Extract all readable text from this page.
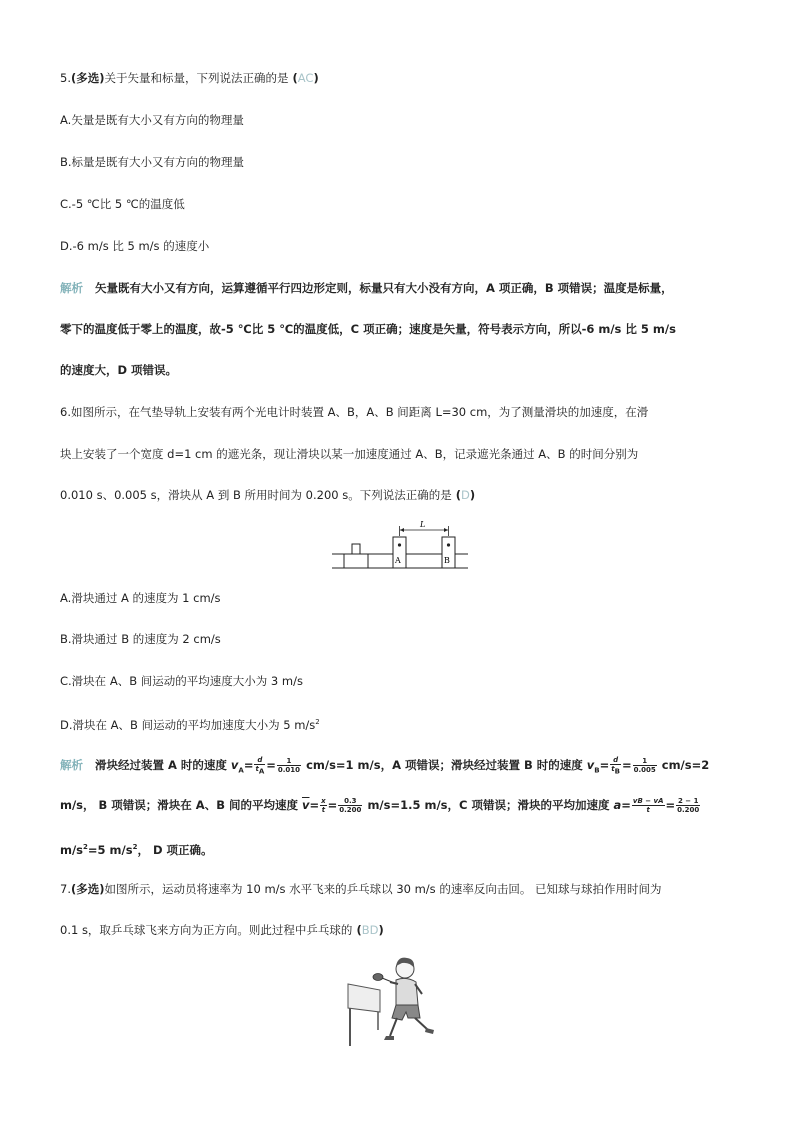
5.(多选)关于矢量和标量，下列说法正确的是 (AC)
A.矢量是既有大小又有方向的物理量
B.标量是既有大小又有方向的物理量
C.-5 ℃比 5 ℃的温度低
D.-6 m/s 比 5 m/s 的速度小
解析 矢量既有大小又有方向，运算遵循平行四边形定则，标量只有大小没有方向，A 项正确，B 项错误；温度是标量，
零下的温度低于零上的温度，故-5 ℃比 5 ℃的温度低，C 项正确；速度是矢量，符号表示方向，所以-6 m/s 比 5 m/s
的速度大，D 项错误。
6.如图所示，在气垫导轨上安装有两个光电计时装置 A、B，A、B 间距离 L=30 cm，为了测量滑块的加速度，在滑
块上安装了一个宽度 d=1 cm 的遮光条，现让滑块以某一加速度通过 A、B，记录遮光条通过 A、B 的时间分别为
0.010 s、0.005 s，滑块从 A 到 B 所用时间为 0.200 s。下列说法正确的是 (D)
A	B
L
A.滑块通过 A 的速度为 1 cm/s
B.滑块通过 B 的速度为 2 cm/s
C.滑块在 A、B 间运动的平均速度大小为 3 m/s
D.滑块在 A、B 间运动的平均加速度大小为 5 $m/s^2$
解析 滑块经过装置 A 时的速度 $v_A= \frac{d}{t_A} = \frac{1}{0.010} cm/s=1$ m/s，A 项错误；滑块经过装置 B 时的速度 $v_B= \frac{d}{t_B} = \frac{1}{0.005} cm/s=2$
m/s， B 项错误；滑块在 A、B 间的平均速度 $\overline{v}= \frac{x}{t} = \frac{0.3}{0.200} m/s=1.5$ m/s，C 项错误；滑块的平均加速度 $a= \frac{vB - vA}{t} = \frac{2 - 1}{0.200}$
$m/s^2=5$ $m/s^2$， D 项正确。
7.(多选)如图所示，运动员将速率为 10 m/s 水平飞来的乒乓球以 30 m/s 的速率反向击回。 已知球与球拍作用时间为
0.1 s，取乒乓球飞来方向为正方向。则此过程中乒乓球的 (BD)
